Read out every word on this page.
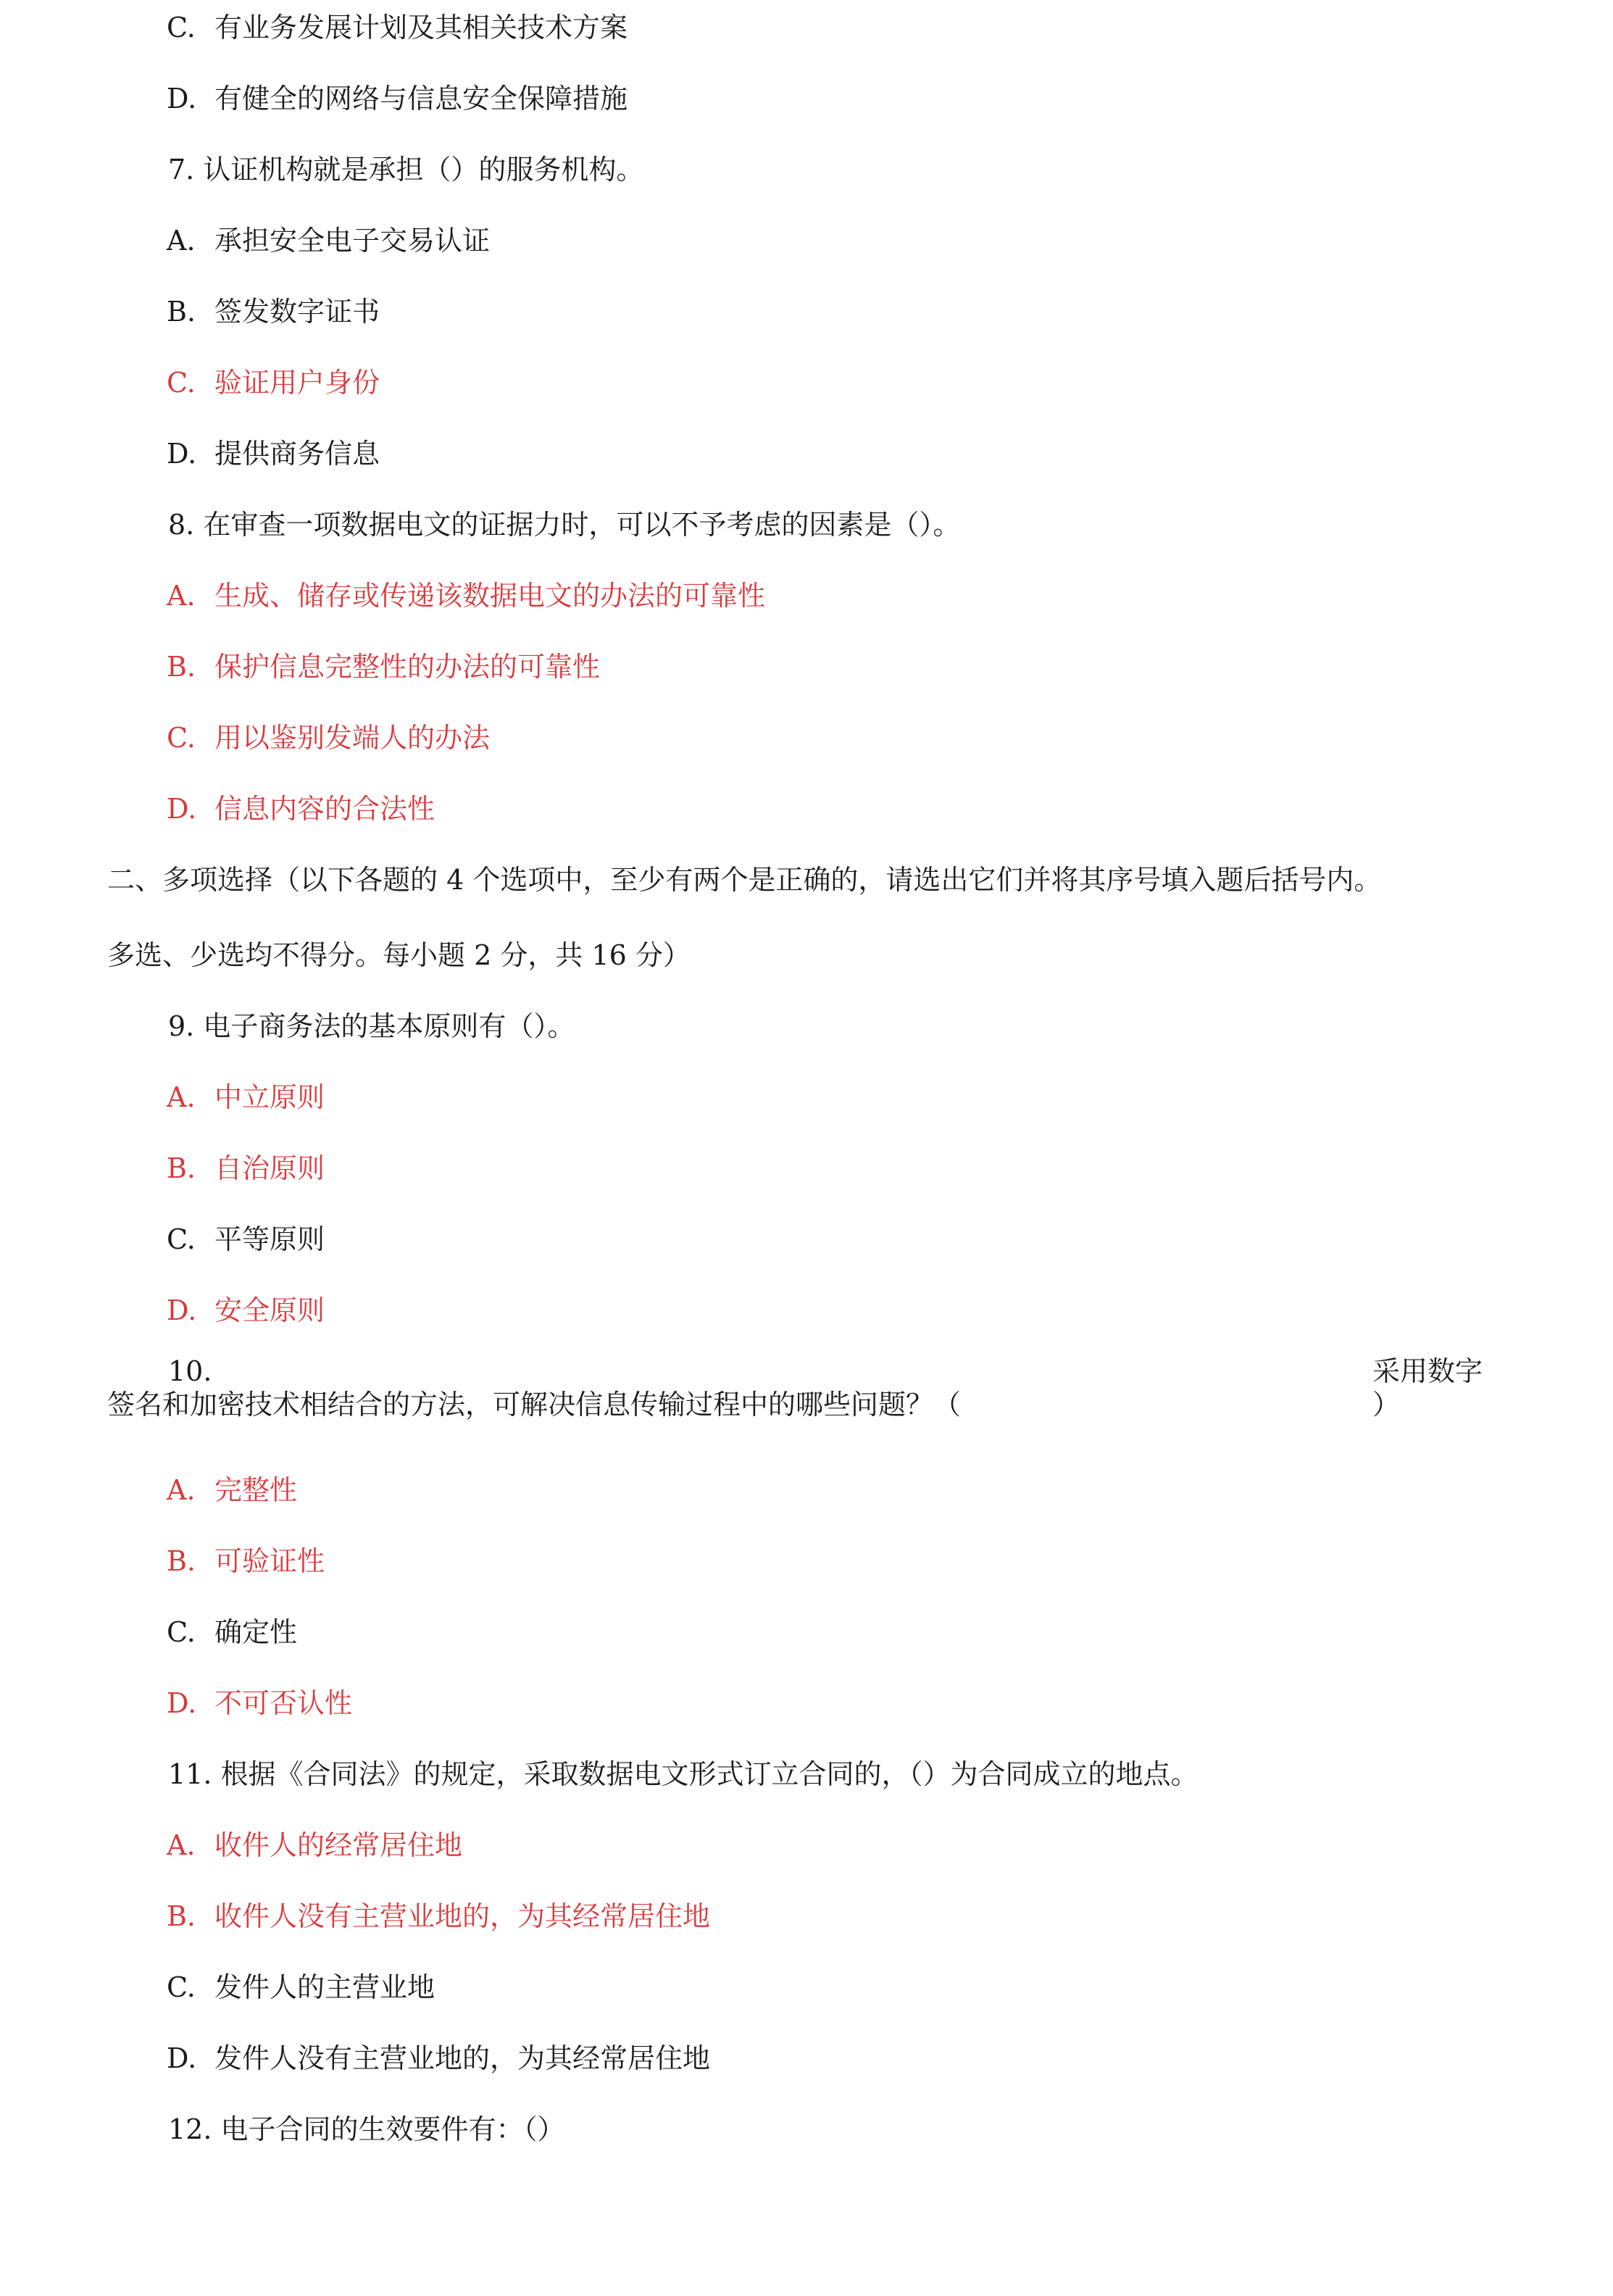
C. 有业务发展计划及其相关技术方案
D. 有健全的网络与信息安全保障措施
7. 认证机构就是承担（）的服务机构。
A. 承担安全电子交易认证
B. 签发数字证书
C. 验证用户身份
D. 提供商务信息
8. 在审查一项数据电文的证据力时，可以不予考虑的因素是（）。
A. 生成、储存或传递该数据电文的办法的可靠性
B. 保护信息完整性的办法的可靠性
C. 用以鉴别发端人的办法
D. 信息内容的合法性
二、多项选择（以下各题的 4 个选项中，至少有两个是正确的，请选出它们并将其序号填入题后括号内。
多选、少选均不得分。每小题 2 分，共 16 分）
9. 电子商务法的基本原则有（）。
A. 中立原则
B. 自治原则
C. 平等原则
D. 安全原则
A. 完整性
B. 可验证性
C. 确定性
D. 不可否认性
11. 根据《合同法》的规定，采取数据电文形式订立合同的，（）为合同成立的地点。
A. 收件人的经常居住地
B. 收件人没有主营业地的，为其经常居住地
C. 发件人的主营业地
D. 发件人没有主营业地的，为其经常居住地
12. 电子合同的生效要件有：（）
10.	采用数字
签名和加密技术相结合的方法，可解决信息传输过程中的哪些问题？（	）
